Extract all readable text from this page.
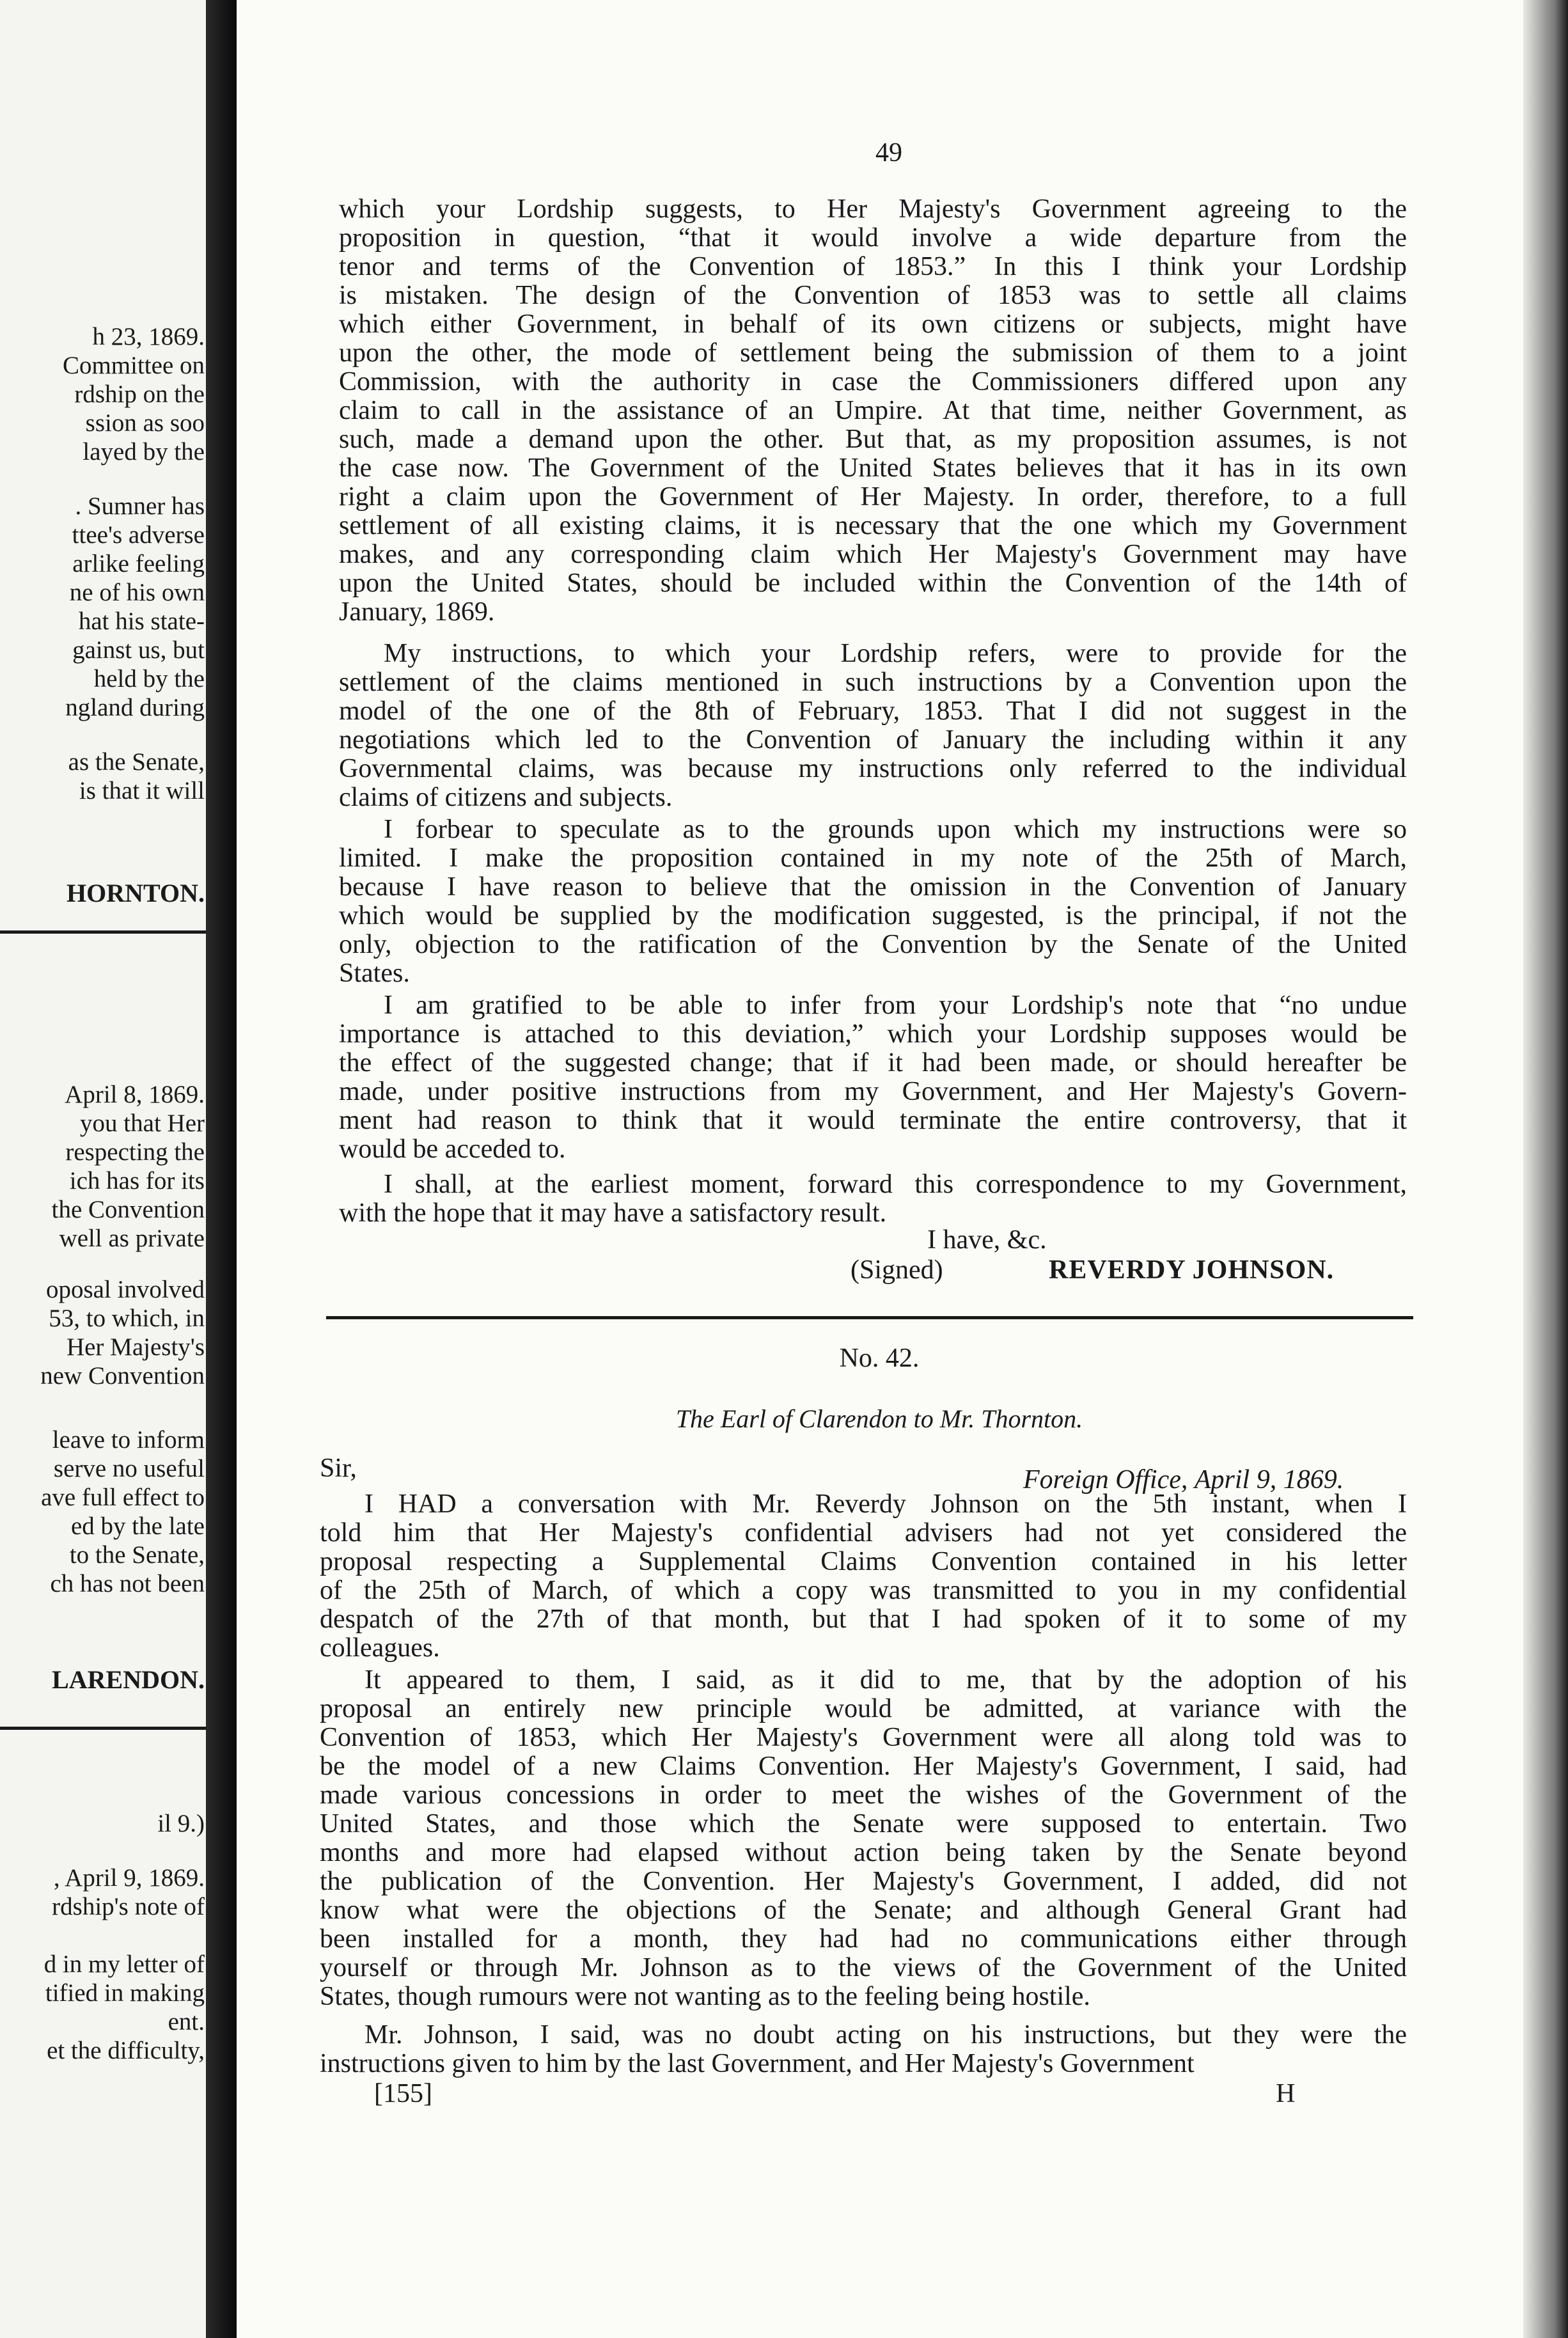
h 23, 1869.
Committee on
rdship on the
ssion as soo
layed by the
. Sumner has
ttee's adverse
arlike feeling
ne of his own
hat his state-
gainst us, but
held by the
ngland during
as the Senate,
is that it will
HORNTON.
April 8, 1869.
you that Her
respecting the
ich has for its
the Convention
well as private
oposal involved
53, to which, in
Her Majesty's
new Convention
leave to inform
serve no useful
ave full effect to
ed by the late
to the Senate,
ch has not been
LARENDON.
il 9.)
, April 9, 1869.
rdship's note of
d in my letter of
tified in making
ent.
et the difficulty,
49
which your Lordship suggests, to Her Majesty's Government agreeing to the
proposition in question, “that it would involve a wide departure from the
tenor and terms of the Convention of 1853.” In this I think your Lordship
is mistaken. The design of the Convention of 1853 was to settle all claims
which either Government, in behalf of its own citizens or subjects, might have
upon the other, the mode of settlement being the submission of them to a joint
Commission, with the authority in case the Commissioners differed upon any
claim to call in the assistance of an Umpire. At that time, neither Government, as
such, made a demand upon the other. But that, as my proposition assumes, is not
the case now. The Government of the United States believes that it has in its own
right a claim upon the Government of Her Majesty. In order, therefore, to a full
settlement of all existing claims, it is necessary that the one which my Government
makes, and any corresponding claim which Her Majesty's Government may have
upon the United States, should be included within the Convention of the 14th of
January, 1869.
My instructions, to which your Lordship refers, were to provide for the
settlement of the claims mentioned in such instructions by a Convention upon the
model of the one of the 8th of February, 1853. That I did not suggest in the
negotiations which led to the Convention of January the including within it any
Governmental claims, was because my instructions only referred to the individual
claims of citizens and subjects.
I forbear to speculate as to the grounds upon which my instructions were so
limited. I make the proposition contained in my note of the 25th of March,
because I have reason to believe that the omission in the Convention of January
which would be supplied by the modification suggested, is the principal, if not the
only, objection to the ratification of the Convention by the Senate of the United
States.
I am gratified to be able to infer from your Lordship's note that “no undue
importance is attached to this deviation,” which your Lordship supposes would be
the effect of the suggested change; that if it had been made, or should hereafter be
made, under positive instructions from my Government, and Her Majesty's Govern-
ment had reason to think that it would terminate the entire controversy, that it
would be acceded to.
I shall, at the earliest moment, forward this correspondence to my Government,
with the hope that it may have a satisfactory result.
I have, &c.
(Signed)	REVERDY JOHNSON.
No. 42.
The Earl of Clarendon to Mr. Thornton.
Sir,	Foreign Office, April 9, 1869.
I HAD a conversation with Mr. Reverdy Johnson on the 5th instant, when I
told him that Her Majesty's confidential advisers had not yet considered the
proposal respecting a Supplemental Claims Convention contained in his letter
of the 25th of March, of which a copy was transmitted to you in my confidential
despatch of the 27th of that month, but that I had spoken of it to some of my
colleagues.
It appeared to them, I said, as it did to me, that by the adoption of his
proposal an entirely new principle would be admitted, at variance with the
Convention of 1853, which Her Majesty's Government were all along told was to
be the model of a new Claims Convention. Her Majesty's Government, I said, had
made various concessions in order to meet the wishes of the Government of the
United States, and those which the Senate were supposed to entertain. Two
months and more had elapsed without action being taken by the Senate beyond
the publication of the Convention. Her Majesty's Government, I added, did not
know what were the objections of the Senate; and although General Grant had
been installed for a month, they had had no communications either through
yourself or through Mr. Johnson as to the views of the Government of the United
States, though rumours were not wanting as to the feeling being hostile.
Mr. Johnson, I said, was no doubt acting on his instructions, but they were the
instructions given to him by the last Government, and Her Majesty's Government
[155]	H
